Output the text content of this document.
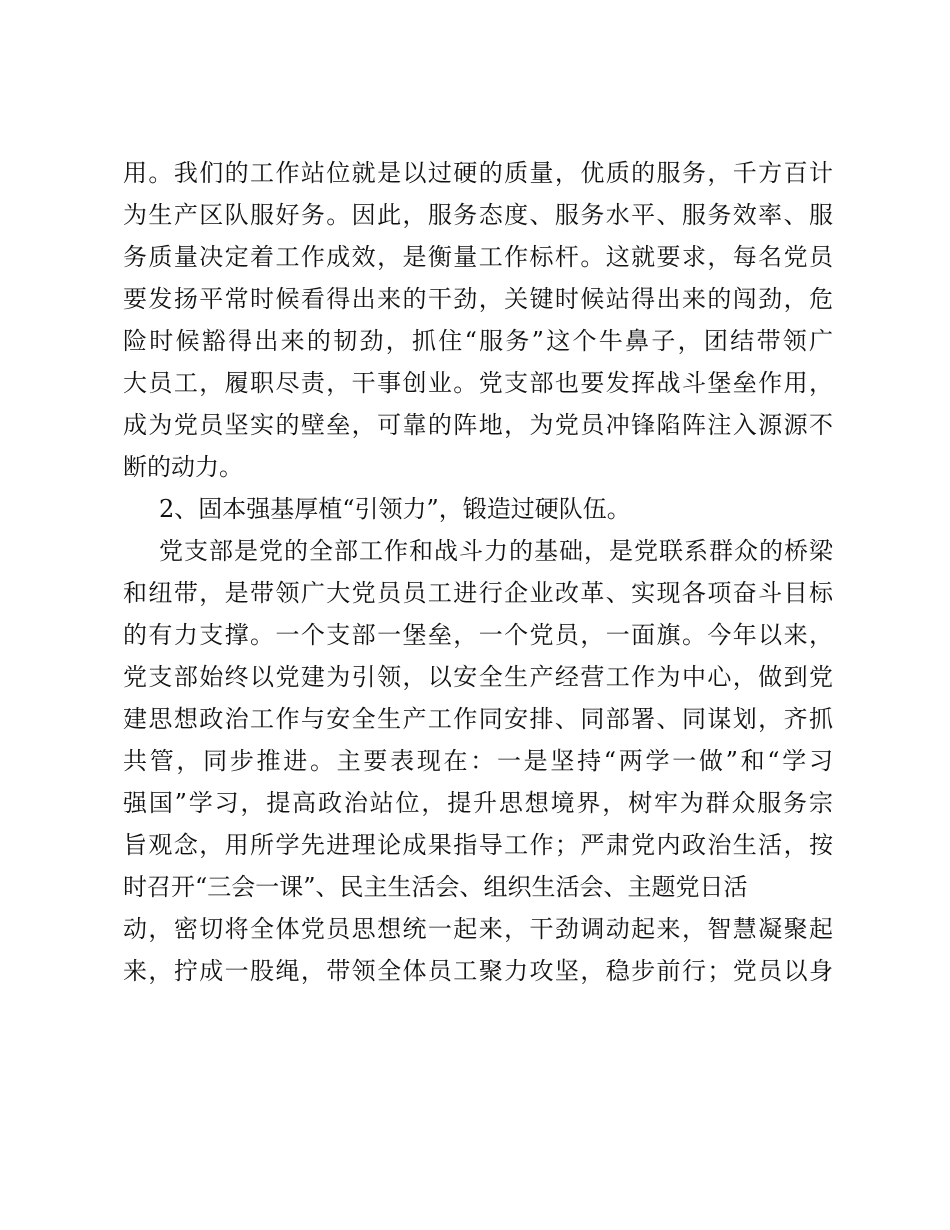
用。我们的工作站位就是以过硬的质量，优质的服务，千方百计
为生产区队服好务。因此，服务态度、服务水平、服务效率、服
务质量决定着工作成效，是衡量工作标杆。这就要求，每名党员
要发扬平常时候看得出来的干劲，关键时候站得出来的闯劲，危
险时候豁得出来的韧劲，抓住“服务”这个牛鼻子，团结带领广
大员工，履职尽责，干事创业。党支部也要发挥战斗堡垒作用，
成为党员坚实的壁垒，可靠的阵地，为党员冲锋陷阵注入源源不
断的动力。
2、固本强基厚植“引领力”，锻造过硬队伍。
党支部是党的全部工作和战斗力的基础，是党联系群众的桥梁
和纽带，是带领广大党员员工进行企业改革、实现各项奋斗目标
的有力支撑。一个支部一堡垒，一个党员，一面旗。今年以来，
党支部始终以党建为引领，以安全生产经营工作为中心，做到党
建思想政治工作与安全生产工作同安排、同部署、同谋划，齐抓
共管，同步推进。主要表现在：一是坚持“两学一做”和“学习
强国”学习，提高政治站位，提升思想境界，树牢为群众服务宗
旨观念，用所学先进理论成果指导工作；严肃党内政治生活，按
时召开“三会一课”、民主生活会、组织生活会、主题党日活
动，密切将全体党员思想统一起来，干劲调动起来，智慧凝聚起
来，拧成一股绳，带领全体员工聚力攻坚，稳步前行；党员以身
